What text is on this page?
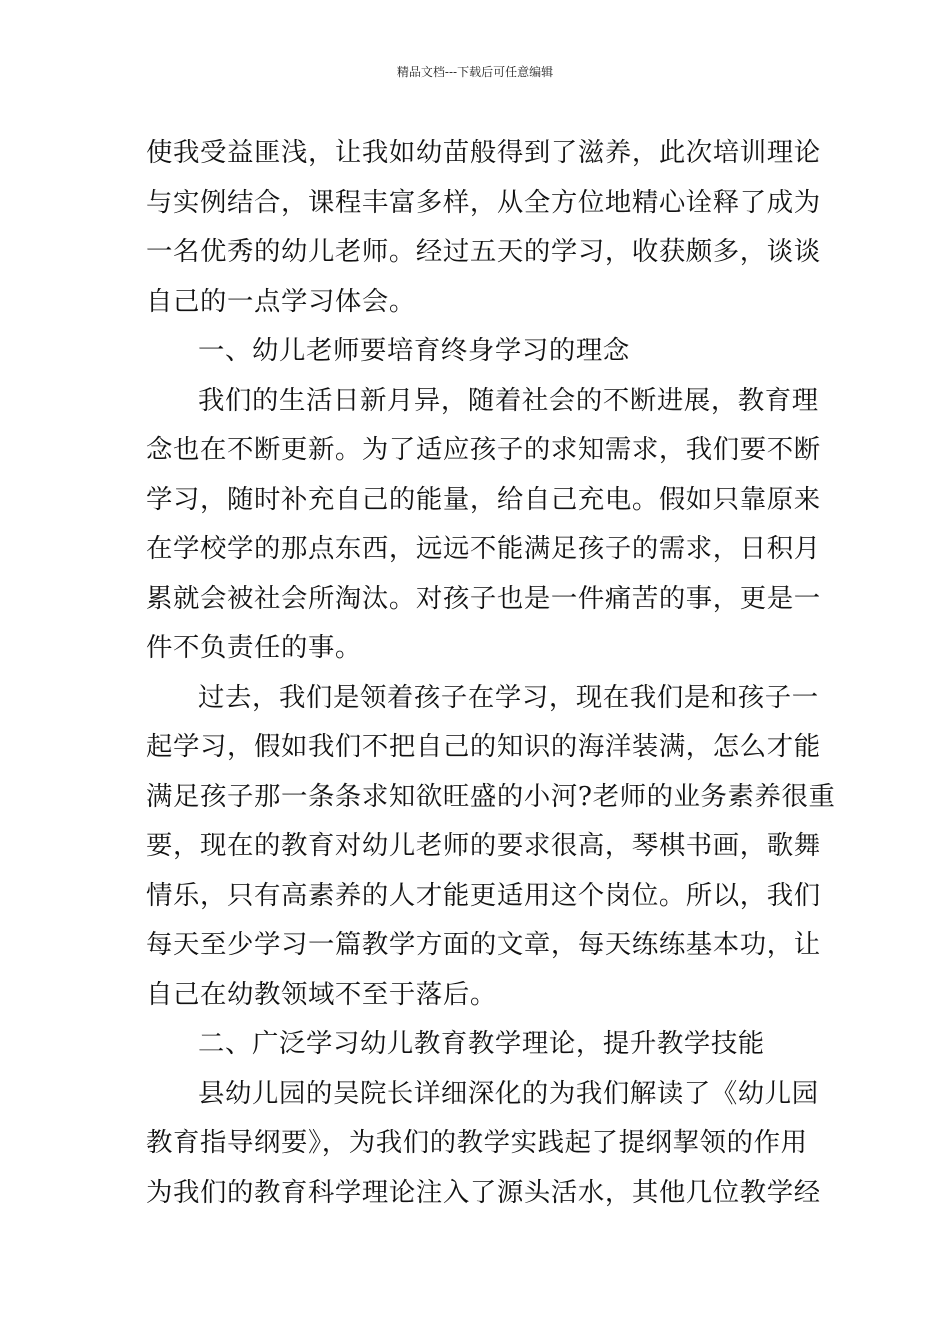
精品文档---下载后可任意编辑
使我受益匪浅，让我如幼苗般得到了滋养，此次培训理论
与实例结合，课程丰富多样，从全方位地精心诠释了成为
一名优秀的幼儿老师。经过五天的学习，收获颇多，谈谈
自己的一点学习体会。
一、幼儿老师要培育终身学习的理念
我们的生活日新月异，随着社会的不断进展，教育理
念也在不断更新。为了适应孩子的求知需求，我们要不断
学习，随时补充自己的能量，给自己充电。假如只靠原来
在学校学的那点东西，远远不能满足孩子的需求，日积月
累就会被社会所淘汰。对孩子也是一件痛苦的事，更是一
件不负责任的事。
过去，我们是领着孩子在学习，现在我们是和孩子一
起学习，假如我们不把自己的知识的海洋装满，怎么才能
满足孩子那一条条求知欲旺盛的小河?老师的业务素养很重
要，现在的教育对幼儿老师的要求很高，琴棋书画，歌舞
情乐，只有高素养的人才能更适用这个岗位。所以，我们
每天至少学习一篇教学方面的文章，每天练练基本功，让
自己在幼教领域不至于落后。
二、广泛学习幼儿教育教学理论，提升教学技能
县幼儿园的吴院长详细深化的为我们解读了《幼儿园
教育指导纲要》，为我们的教学实践起了提纲挈领的作用
为我们的教育科学理论注入了源头活水，其他几位教学经
